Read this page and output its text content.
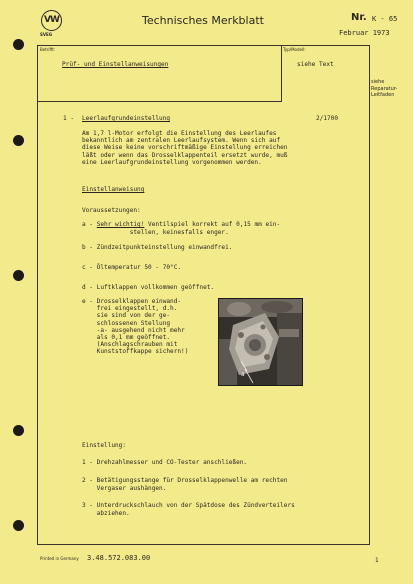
VW
SVEG
Technisches Merkblatt	Nr. K - 65
Februar 1973
Betrifft:
Prüf- und Einstellanweisungen
Typ/Modell:
siehe Text
siehe
Reparatur-
Leitfaden
1 - Leerlaufgrundeinstellung	2/1700
Am 1,7 l-Motor erfolgt die Einstellung des Leerlaufes
bekanntlich am zentralen Leerlaufsystem. Wenn sich auf
diese Weise keine vorschriftmäßige Einstellung erreichen
läßt oder wenn das Drosselklappenteil ersetzt wurde, muß
eine Leerlaufgrundeinstellung vorgenommen werden.
Einstellanweisung
Voraussetzungen:
a - Sehr wichtig! Ventilspiel korrekt auf 0,15 mm ein-
stellen, keinesfalls enger.
b - Zündzeitpunkteinstellung einwandfrei.
c - Öltemperatur 50 - 70°C.
d - Luftklappen vollkommen geöffnet.
e - Drosselklappen einwand-
frei eingestellt, d.h.
sie sind von der ge-
schlossenen Stellung
-a- ausgehend nicht mehr
als 0,1 mm geöffnet.
(Anschlagschrauben mit
Kunststoffkappe sichern!)
a
Einstellung:
1 - Drehzahlmesser und CO-Tester anschließen.
2 - Betätigungsstange für Drosselklappenwelle am rechten
Vergaser aushängen.
3 - Unterdruckschlauch von der Spätdose des Zündverteilers
abziehen.
Printed in Germany 3.48.572.083.00	1
